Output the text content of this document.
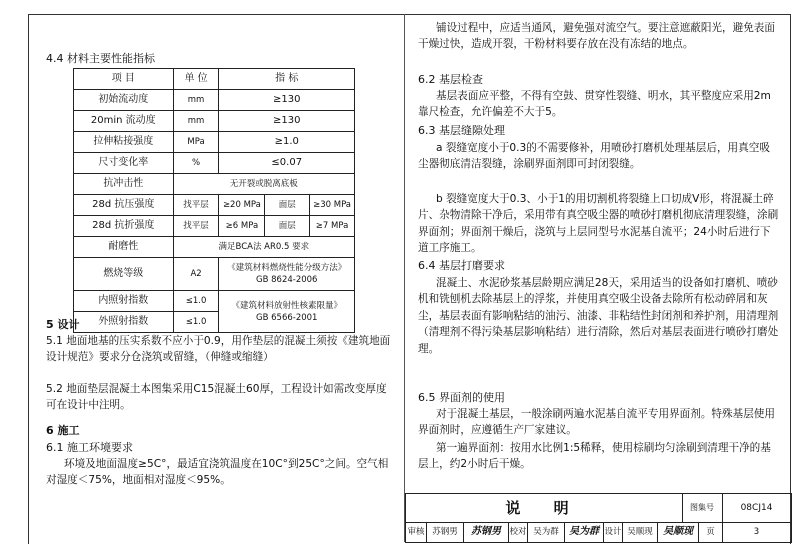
4.4 材料主要性能指标
项 目	单 位	指 标		
初始流动度	mm	≥130		
20min 流动度	mm	≥130		
拉伸粘接强度	MPa	≥1.0		
尺寸变化率	%	≤0.07		
抗冲击性	无开裂或脱离底板			
28d 抗压强度	找平层	≥20 MPa	面层	≥30 MPa
28d 抗折强度	找平层	≥6 MPa	面层	≥7 MPa
耐磨性	满足BCA法 AR0.5 要求			
燃烧等级	A2	《建筑材料燃烧性能分级方法》
GB 8624-2006		

内照射指数	≤1.0	《建筑材料放射性核素限量》
GB 6566-2001		

外照射指数	≤1.0			
5 设计
5.1 地面地基的压实系数不应小于0.9，用作垫层的混凝土须按《建筑地面设计规范》要求分仓浇筑或留缝，（伸缝或缩缝）
5.2 地面垫层混凝土本图集采用C15混凝土60厚，工程设计如需改变厚度可在设计中注明。
6 施工
6.1 施工环境要求
环境及地面温度≥5C°，最适宜浇筑温度在10C°到25C°之间。空气相对湿度＜75%，地面相对湿度＜95%。
铺设过程中，应适当通风，避免强对流空气。要注意遮蔽阳光，避免表面干燥过快，造成开裂，干粉材料要存放在没有冻结的地点。
6.2 基层检查
基层表面应平整，不得有空鼓、贯穿性裂缝、明水，其平整度应采用2m靠尺检查，允许偏差不大于5。
6.3 基层缝隙处理
a 裂缝宽度小于0.3的不需要修补，用喷砂打磨机处理基层后，用真空吸尘器彻底清洁裂缝，涂刷界面剂即可封闭裂缝。
b 裂缝宽度大于0.3、小于1的用切割机将裂缝上口切成V形，将混凝土碎片、杂物清除干净后，采用带有真空吸尘器的喷砂打磨机彻底清理裂缝，涂刷界面剂；界面剂干燥后，浇筑与上层同型号水泥基自流平；24小时后进行下道工序施工。
6.4 基层打磨要求
混凝土、水泥砂浆基层龄期应满足28天，采用适当的设备如打磨机、喷砂机和铣刨机去除基层上的浮浆，并使用真空吸尘设备去除所有松动碎屑和灰尘，基层表面有影响粘结的油污、油漆、非粘结性封闭剂和养护剂，用清理剂（清理剂不得污染基层影响粘结）进行清除，然后对基层表面进行喷砂打磨处理。
6.5 界面剂的使用
对于混凝土基层，一般涂刷两遍水泥基自流平专用界面剂。特殊基层使用界面剂时，应遵循生产厂家建议。
第一遍界面剂：按用水比例1:5稀释，使用棕刷均匀涂刷到清理干净的基层上，约2小时后干燥。
说 明	图集号	08CJ14
审核 苏钢男	苏钢男 校对 吴为群	吴为群 设计 吴顺现	吴顺现	页	3
